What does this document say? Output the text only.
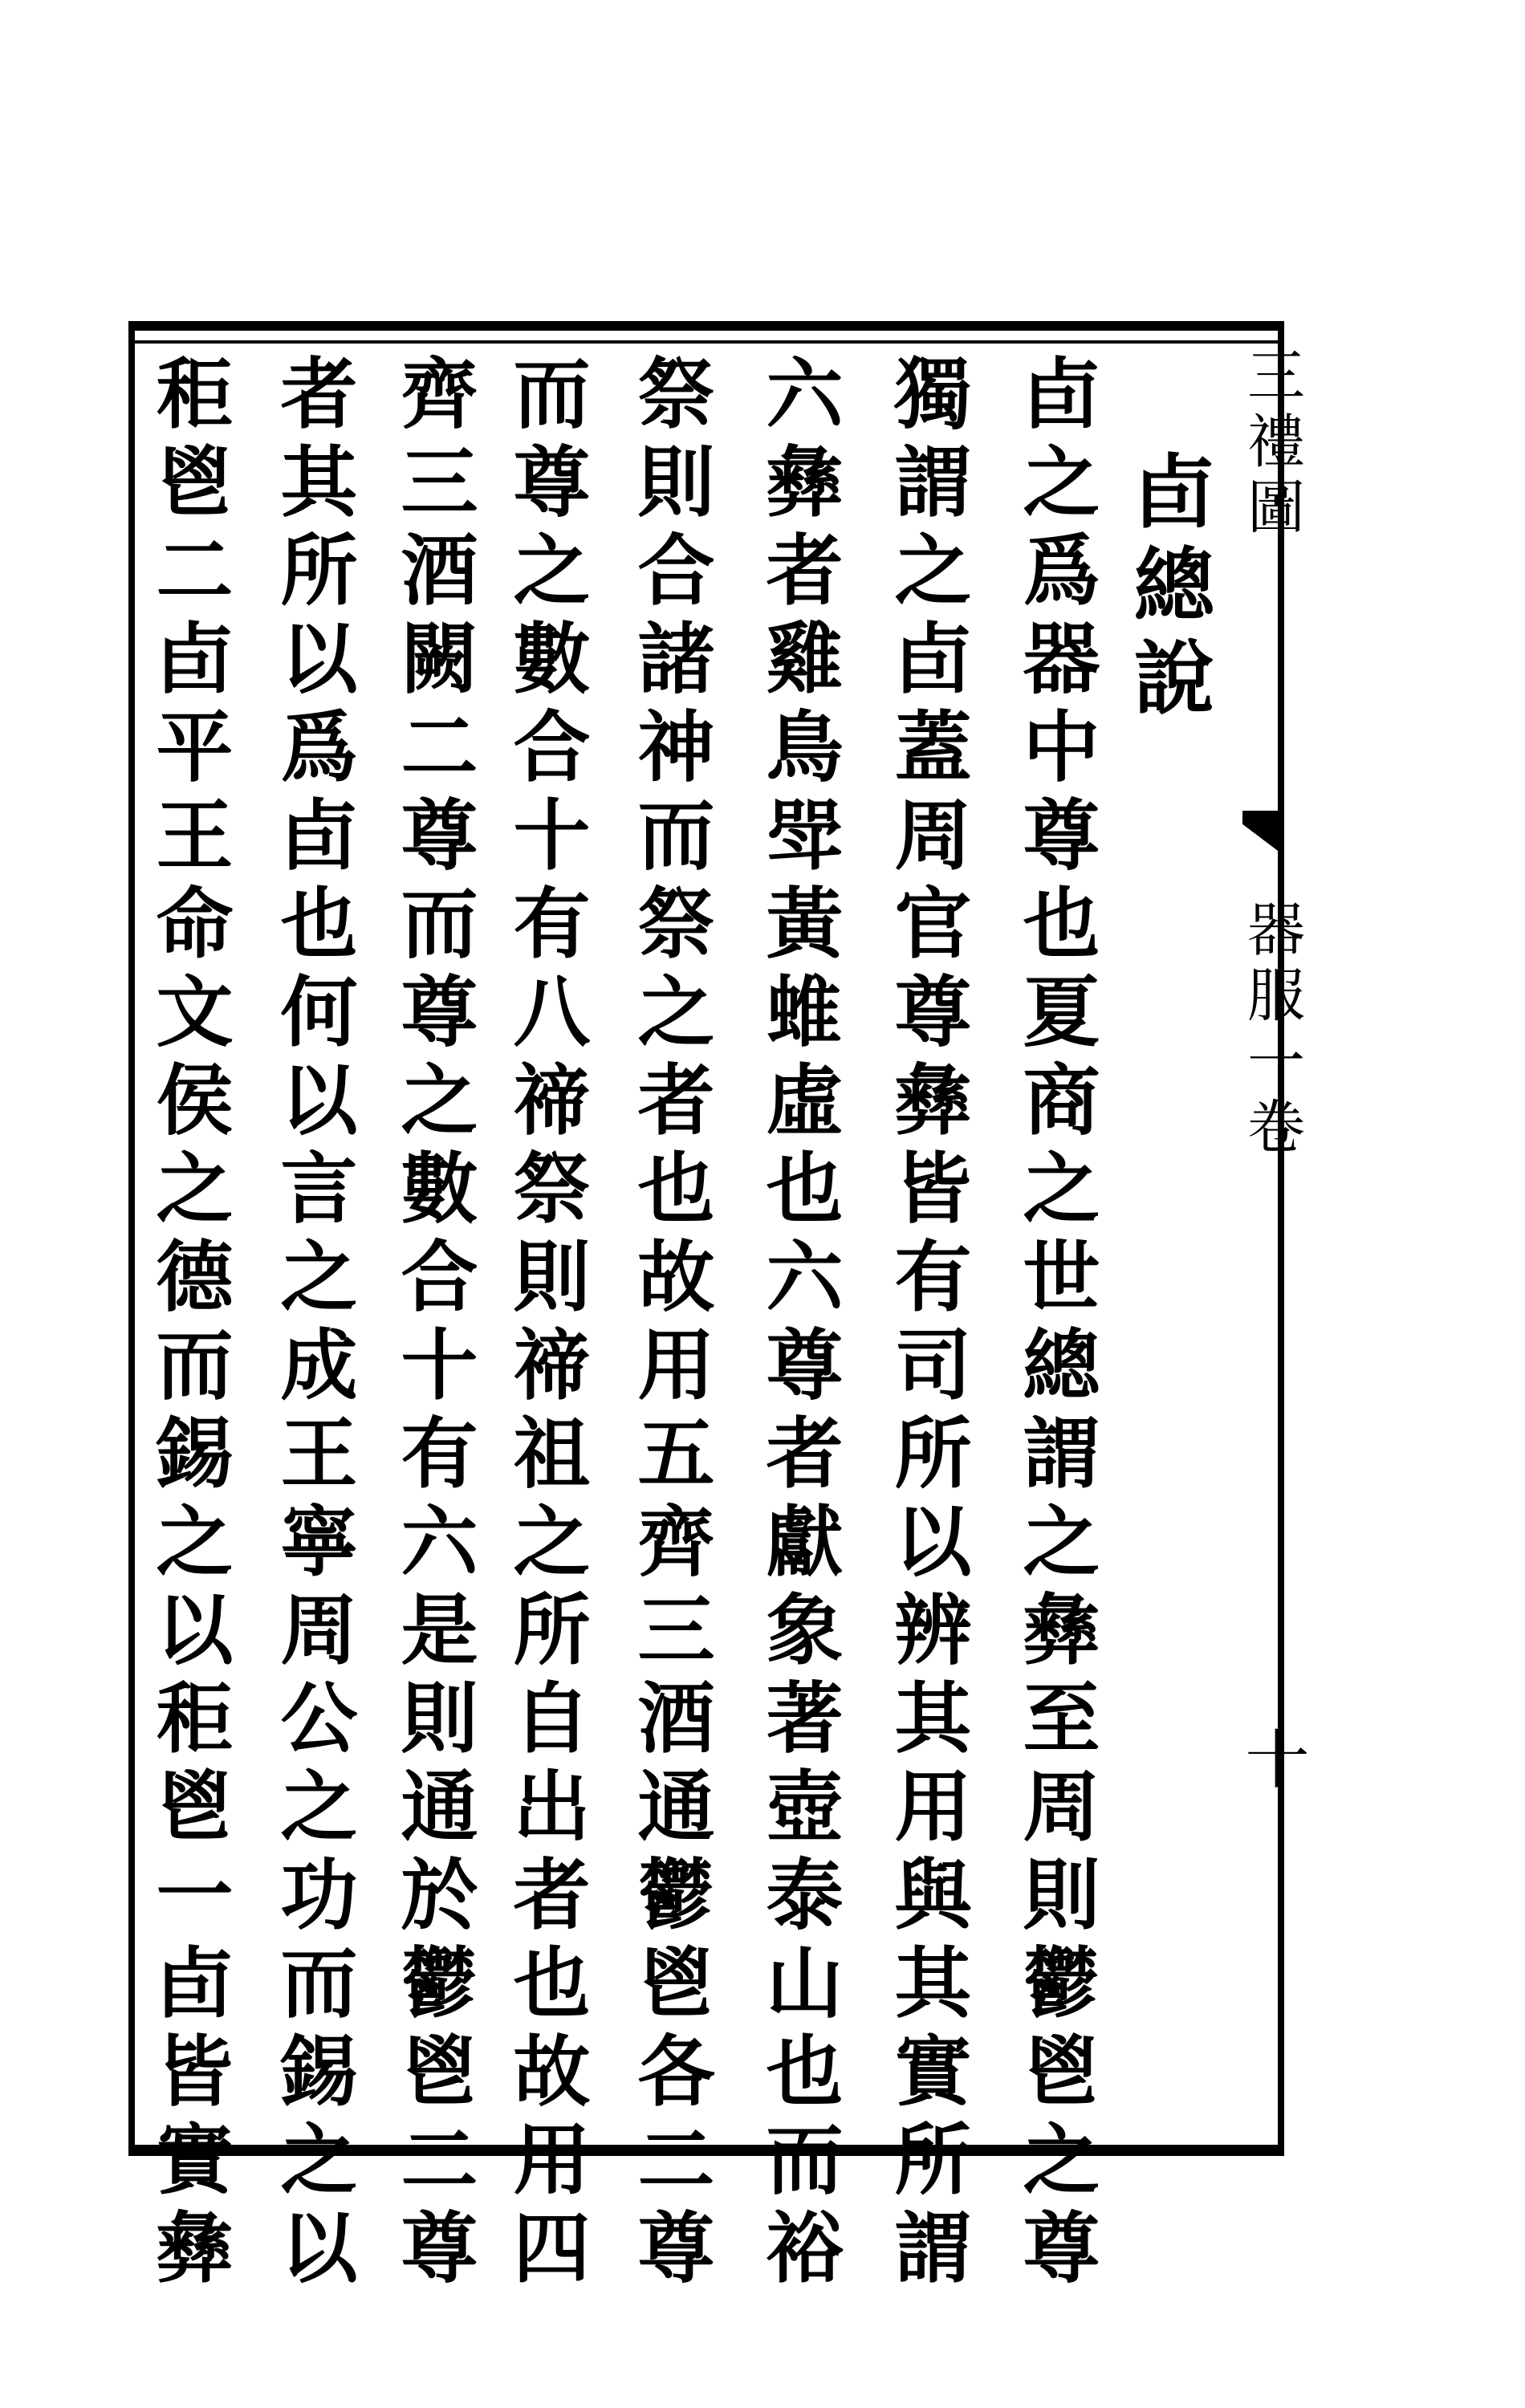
三禮圖
器服一卷
十
卣總說
卣之爲器中尊也夏商之世總謂之彝至周則鬱鬯之尊
獨謂之卣蓋周官尊彝皆有司所以辨其用與其實所謂
六彝者雞鳥斝黃蜼虛也六尊者獻象著壺泰山也而裕
祭則合諸神而祭之者也故用五齊三酒通鬱鬯各二尊
而尊之數合十有八禘祭則禘祖之所自出者也故用四
齊三酒闕二尊而尊之數合十有六是則通於鬱鬯二尊
者其所以爲卣也何以言之成王寧周公之功而錫之以
秬鬯二卣平王命文侯之德而錫之以秬鬯一卣皆實彝
